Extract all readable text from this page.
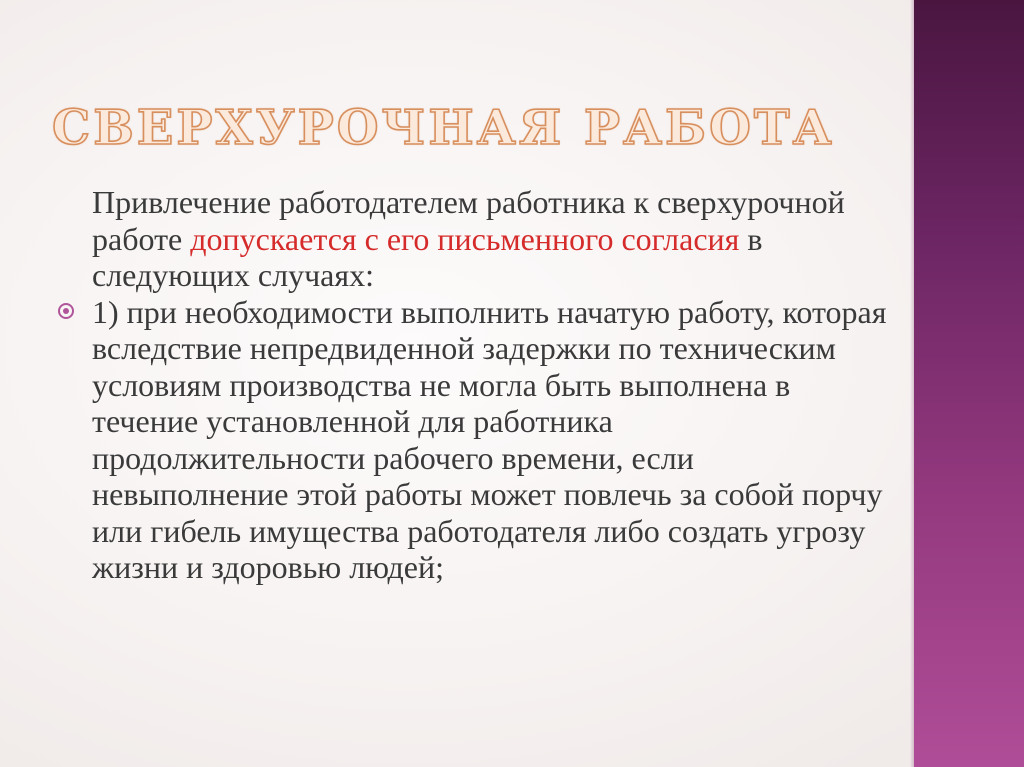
СВЕРХУРОЧНАЯ РАБОТА

Привлечение работодателем работника к сверхурочной работе допускается с его письменного согласия в следующих случаях:

1) при необходимости выполнить начатую работу, которая вследствие непредвиденной задержки по техническим условиям производства не могла быть выполнена в течение установленной для работника продолжительности рабочего времени, если невыполнение этой работы может повлечь за собой порчу или гибель имущества работодателя либо создать угрозу жизни и здоровью людей;
